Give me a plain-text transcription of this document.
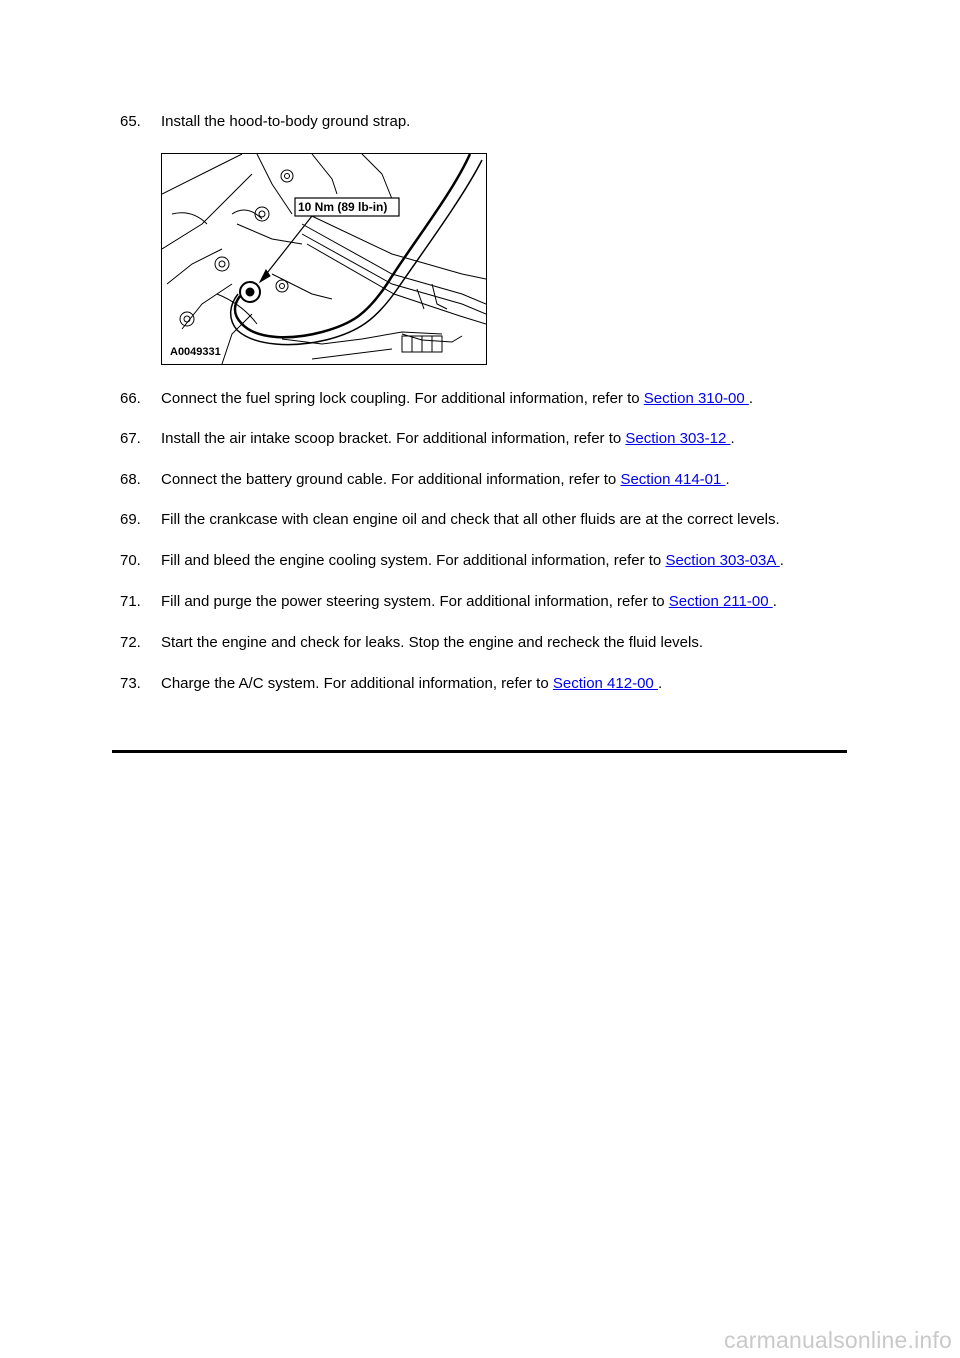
65. Install the hood-to-body ground strap.
10 Nm (89 lb-in)
A0049331
66. Connect the fuel spring lock coupling. For additional information, refer to Section 310-00 .
67. Install the air intake scoop bracket. For additional information, refer to Section 303-12 .
68. Connect the battery ground cable. For additional information, refer to Section 414-01 .
69. Fill the crankcase with clean engine oil and check that all other fluids are at the correct levels.
70. Fill and bleed the engine cooling system. For additional information, refer to Section 303-03A .
71. Fill and purge the power steering system. For additional information, refer to Section 211-00 .
72. Start the engine and check for leaks. Stop the engine and recheck the fluid levels.
73. Charge the A/C system. For additional information, refer to Section 412-00 .
carmanualsonline.info
